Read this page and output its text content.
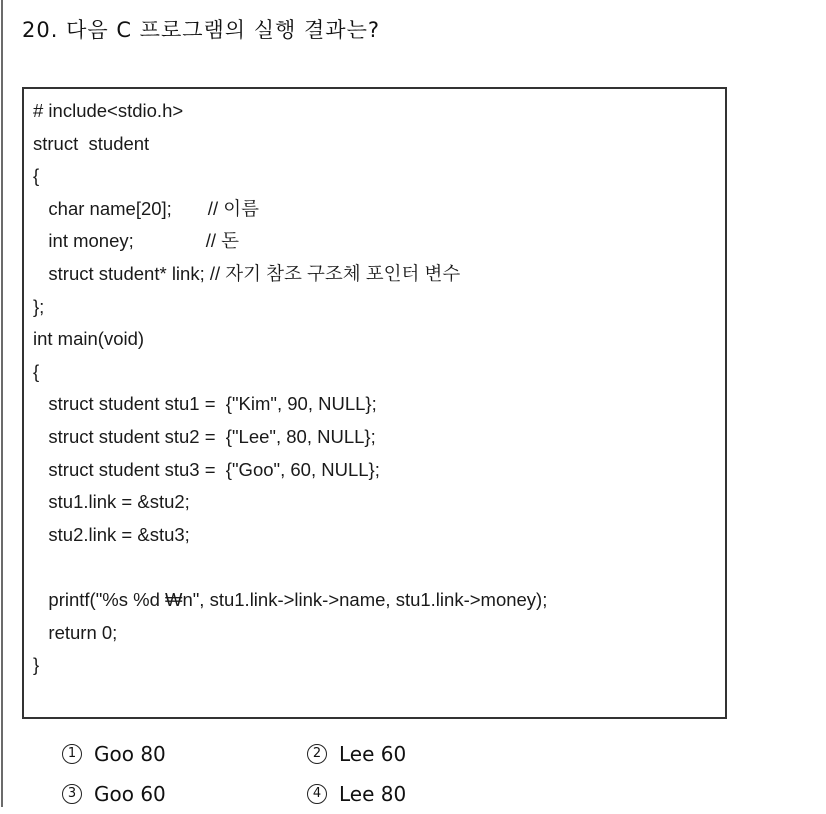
20. 다음 C 프로그램의 실행 결과는?
# include<stdio.h>
struct  student
{
char name[20];       // 이름
int money;              // 돈
struct student* link; // 자기 참조 구조체 포인터 변수
};
int main(void)
{
struct student stu1 =  {"Kim", 90, NULL};
struct student stu2 =  {"Lee", 80, NULL};
struct student stu3 =  {"Goo", 60, NULL};
stu1.link = &stu2;
stu2.link = &stu3;
printf("%s %d ₩n", stu1.link->link->name, stu1.link->money);
return 0;
}
1 Goo 80	2 Lee 60
3 Goo 60	4 Lee 80
